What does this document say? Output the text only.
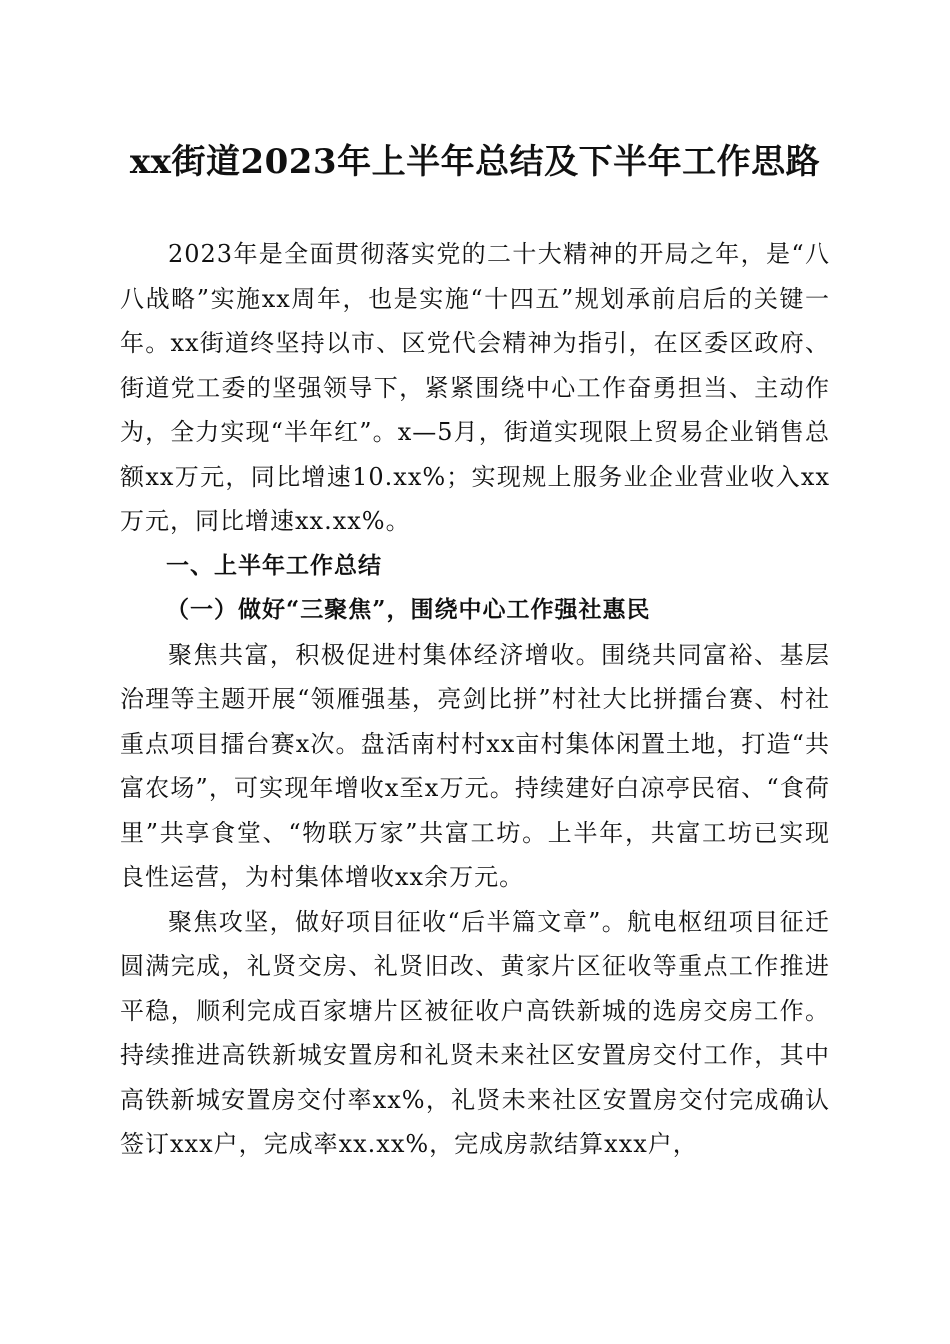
xx街道2023年上半年总结及下半年工作思路

2023年是全面贯彻落实党的二十大精神的开局之年，是“八八战略”实施xx周年，也是实施“十四五”规划承前启后的关键一年。xx街道终坚持以市、区党代会精神为指引，在区委区政府、街道党工委的坚强领导下，紧紧围绕中心工作奋勇担当、主动作为，全力实现“半年红”。x—5月，街道实现限上贸易企业销售总额xx万元，同比增速10.xx%；实现规上服务业企业营业收入xx万元，同比增速xx.xx%。

一、上半年工作总结

（一）做好“三聚焦”，围绕中心工作强社惠民

聚焦共富，积极促进村集体经济增收。围绕共同富裕、基层治理等主题开展“领雁强基，亮剑比拼”村社大比拼擂台赛、村社重点项目擂台赛x次。盘活南村村xx亩村集体闲置土地，打造“共富农场”，可实现年增收x至x万元。持续建好白凉亭民宿、“食荷里”共享食堂、“物联万家”共富工坊。上半年，共富工坊已实现良性运营，为村集体增收xx余万元。

聚焦攻坚，做好项目征收“后半篇文章”。航电枢纽项目征迁圆满完成，礼贤交房、礼贤旧改、黄家片区征收等重点工作推进平稳，顺利完成百家塘片区被征收户高铁新城的选房交房工作。持续推进高铁新城安置房和礼贤未来社区安置房交付工作，其中高铁新城安置房交付率xx%，礼贤未来社区安置房交付完成确认签订xxx户，完成率xx.xx%，完成房款结算xxx户，
